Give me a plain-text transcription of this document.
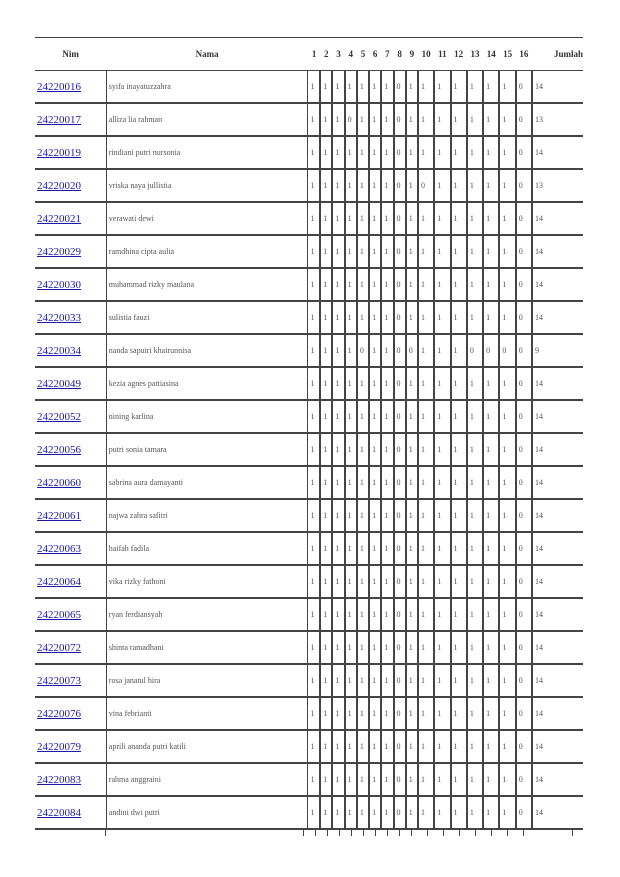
Nim	Nama	1	2	3	4	5	6	7	8	9	10	11	12	13	14	15	16	Jumlah
24220016	syifa inayatuzzahra	1	1	1	1	1	1	1	0	1	1	1	1	1	1	1	0	14
24220017	alliza lia rahman	1	1	1	0	1	1	1	0	1	1	1	1	1	1	1	0	13
24220019	rindiani putri nursonia	1	1	1	1	1	1	1	0	1	1	1	1	1	1	1	0	14
24220020	vriska naya jullistia	1	1	1	1	1	1	1	0	1	0	1	1	1	1	1	0	13
24220021	verawati dewi	1	1	1	1	1	1	1	0	1	1	1	1	1	1	1	0	14
24220029	ramdhina cipta aulia	1	1	1	1	1	1	1	0	1	1	1	1	1	1	1	0	14
24220030	muhammad rizky maulana	1	1	1	1	1	1	1	0	1	1	1	1	1	1	1	0	14
24220033	sulistia fauzi	1	1	1	1	1	1	1	0	1	1	1	1	1	1	1	0	14
24220034	nanda saputri khairunnisa	1	1	1	1	0	1	1	0	0	1	1	1	0	0	0	0	9
24220049	kezia agnes pattiasina	1	1	1	1	1	1	1	0	1	1	1	1	1	1	1	0	14
24220052	nining karlina	1	1	1	1	1	1	1	0	1	1	1	1	1	1	1	0	14
24220056	putri sonia tamara	1	1	1	1	1	1	1	0	1	1	1	1	1	1	1	0	14
24220060	sabrina aura damayanti	1	1	1	1	1	1	1	0	1	1	1	1	1	1	1	0	14
24220061	najwa zahra safitri	1	1	1	1	1	1	1	0	1	1	1	1	1	1	1	0	14
24220063	haifah fadila	1	1	1	1	1	1	1	0	1	1	1	1	1	1	1	0	14
24220064	vika rizky fathoni	1	1	1	1	1	1	1	0	1	1	1	1	1	1	1	0	14
24220065	ryan ferdiansyah	1	1	1	1	1	1	1	0	1	1	1	1	1	1	1	0	14
24220072	shinta ramadhani	1	1	1	1	1	1	1	0	1	1	1	1	1	1	1	0	14
24220073	rosa janatul hira	1	1	1	1	1	1	1	0	1	1	1	1	1	1	1	0	14
24220076	vina febrianti	1	1	1	1	1	1	1	0	1	1	1	1	1	1	1	0	14
24220079	aprili ananda putri katili	1	1	1	1	1	1	1	0	1	1	1	1	1	1	1	0	14
24220083	rahma anggraini	1	1	1	1	1	1	1	0	1	1	1	1	1	1	1	0	14
24220084	andini dwi putri	1	1	1	1	1	1	1	0	1	1	1	1	1	1	1	0	14
